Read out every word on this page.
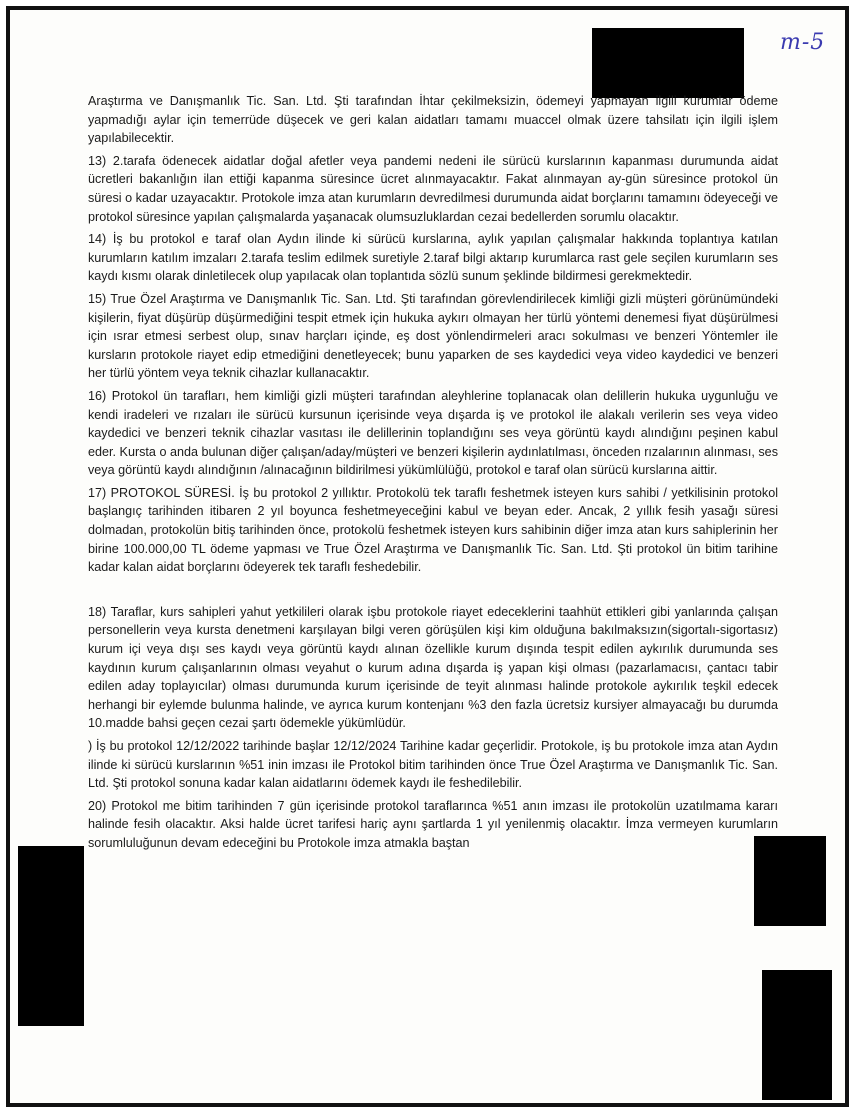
m-5

Araştırma ve Danışmanlık Tic. San. Ltd. Şti tarafından İhtar çekilmeksizin, ödemeyi yapmayan ilgili kurumlar ödeme yapmadığı aylar için temerrüde düşecek ve geri kalan aidatları tamamı muaccel olmak üzere tahsilatı için ilgili işlem yapılabilecektir.

13) 2.tarafa ödenecek aidatlar doğal afetler veya pandemi nedeni ile sürücü kurslarının kapanması durumunda aidat ücretleri bakanlığın ilan ettiği kapanma süresince ücret alınmayacaktır. Fakat alınmayan ay-gün süresince protokol ün süresi o kadar uzayacaktır. Protokole imza atan kurumların devredilmesi durumunda aidat borçlarını tamamını ödeyeceği ve protokol süresince yapılan çalışmalarda yaşanacak olumsuzluklardan cezai bedellerden sorumlu olacaktır.

14) İş bu protokol e taraf olan Aydın ilinde ki sürücü kurslarına, aylık yapılan çalışmalar hakkında toplantıya katılan kurumların katılım imzaları 2.tarafa teslim edilmek suretiyle 2.taraf bilgi aktarıp kurumlarca rast gele seçilen kurumların ses kaydı kısmı olarak dinletilecek olup yapılacak olan toplantıda sözlü sunum şeklinde bildirmesi gerekmektedir.

15) True Özel Araştırma ve Danışmanlık Tic. San. Ltd. Şti tarafından görevlendirilecek kimliği gizli müşteri görünümündeki kişilerin, fiyat düşürüp düşürmediğini tespit etmek için hukuka aykırı olmayan her türlü yöntemi denemesi fiyat düşürülmesi için ısrar etmesi serbest olup, sınav harçları içinde, eş dost yönlendirmeleri aracı sokulması ve benzeri Yöntemler ile kursların protokole riayet edip etmediğini denetleyecek; bunu yaparken de ses kaydedici veya video kaydedici ve benzeri her türlü yöntem veya teknik cihazlar kullanacaktır.

16) Protokol ün tarafları, hem kimliği gizli müşteri tarafından aleyhlerine toplanacak olan delillerin hukuka uygunluğu ve kendi iradeleri ve rızaları ile sürücü kursunun içerisinde veya dışarda iş ve protokol ile alakalı verilerin ses veya video kaydedici ve benzeri teknik cihazlar vasıtası ile delillerinin toplandığını ses veya görüntü kaydı alındığını peşinen kabul eder. Kursta o anda bulunan diğer çalışan/aday/müşteri ve benzeri kişilerin aydınlatılması, önceden rızalarının alınması, ses veya görüntü kaydı alındığının /alınacağının bildirilmesi yükümlülüğü, protokol e taraf olan sürücü kurslarına aittir.

17) PROTOKOL SÜRESİ. İş bu protokol 2 yıllıktır. Protokolü tek taraflı feshetmek isteyen kurs sahibi / yetkilisinin protokol başlangıç tarihinden itibaren 2 yıl boyunca feshetmeyeceğini kabul ve beyan eder. Ancak, 2 yıllık fesih yasağı süresi dolmadan, protokolün bitiş tarihinden önce, protokolü feshetmek isteyen kurs sahibinin diğer imza atan kurs sahiplerinin her birine 100.000,00 TL ödeme yapması ve True Özel Araştırma ve Danışmanlık Tic. San. Ltd. Şti protokol ün bitim tarihine kadar kalan aidat borçlarını ödeyerek tek taraflı feshedebilir.

18) Taraflar, kurs sahipleri yahut yetkilileri olarak işbu protokole riayet edeceklerini taahhüt ettikleri gibi yanlarında çalışan personellerin veya kursta denetmeni karşılayan bilgi veren görüşülen kişi kim olduğuna bakılmaksızın(sigortalı-sigortasız) kurum içi veya dışı ses kaydı veya görüntü kaydı alınan özellikle kurum dışında tespit edilen aykırılık durumunda ses kaydının kurum çalışanlarının olması veyahut o kurum adına dışarda iş yapan kişi olması (pazarlamacısı, çantacı tabir edilen aday toplayıcılar) olması durumunda kurum içerisinde de teyit alınması halinde protokole aykırılık teşkil edecek herhangi bir eylemde bulunma halinde, ve ayrıca kurum kontenjanı %3 den fazla ücretsiz kursiyer almayacağı bu durumda 10.madde bahsi geçen cezai şartı ödemekle yükümlüdür.

) İş bu protokol 12/12/2022 tarihinde başlar 12/12/2024 Tarihine kadar geçerlidir. Protokole, iş bu protokole imza atan Aydın ilinde ki sürücü kurslarının %51 inin imzası ile Protokol bitim tarihinden önce True Özel Araştırma ve Danışmanlık Tic. San. Ltd. Şti protokol sonuna kadar kalan aidatlarını ödemek kaydı ile feshedilebilir.

20) Protokol me bitim tarihinden 7 gün içerisinde protokol taraflarınca %51 anın imzası ile protokolün uzatılmama kararı halinde fesih olacaktır. Aksi halde ücret tarifesi hariç aynı şartlarda 1 yıl yenilenmiş olacaktır. İmza vermeyen kurumların sorumluluğunun devam edeceğini bu Protokole imza atmakla baştan
